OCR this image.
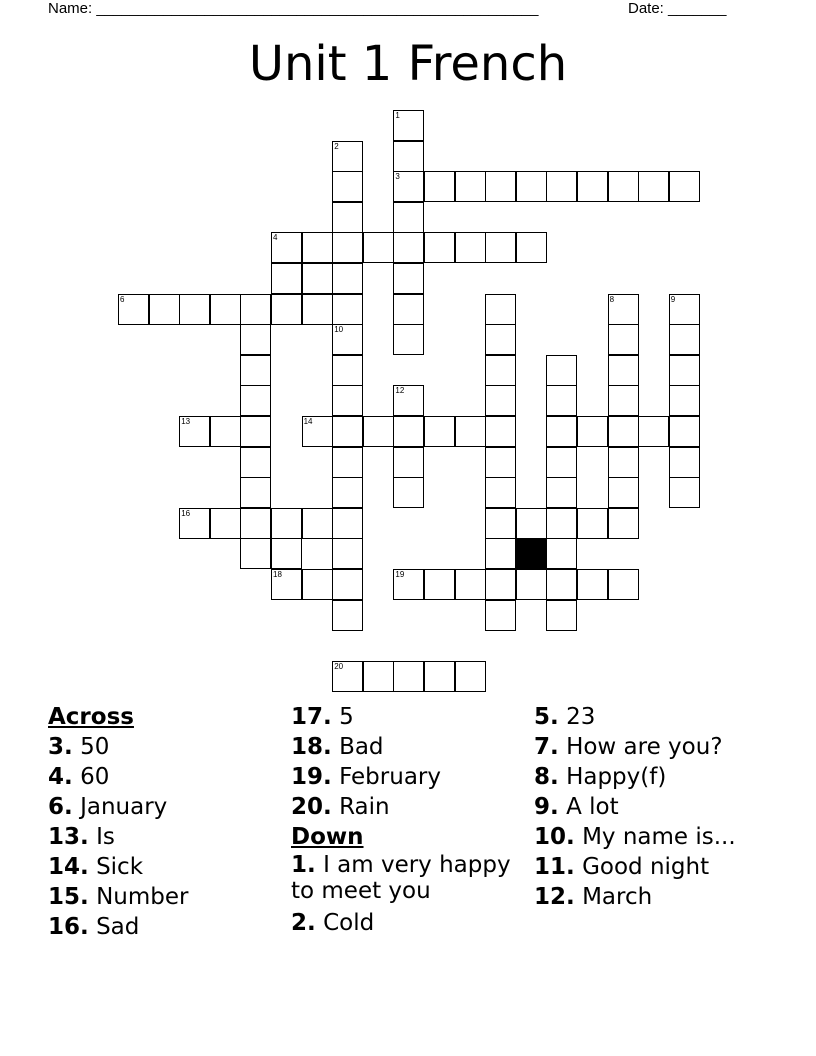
Name: _____________________________________________________	Date: _______
Unit 1 French
1
3
2
4
6	8	9
10
12
13	14
16
18	19
20
Across
3. 50
4. 60
6. January
13. Is
14. Sick
15. Number
16. Sad
17. 5
18. Bad
19. February
20. Rain
Down
1. I am very happy to meet you
2. Cold
5. 23
7. How are you?
8. Happy(f)
9. A lot
10. My name is...
11. Good night
12. March
